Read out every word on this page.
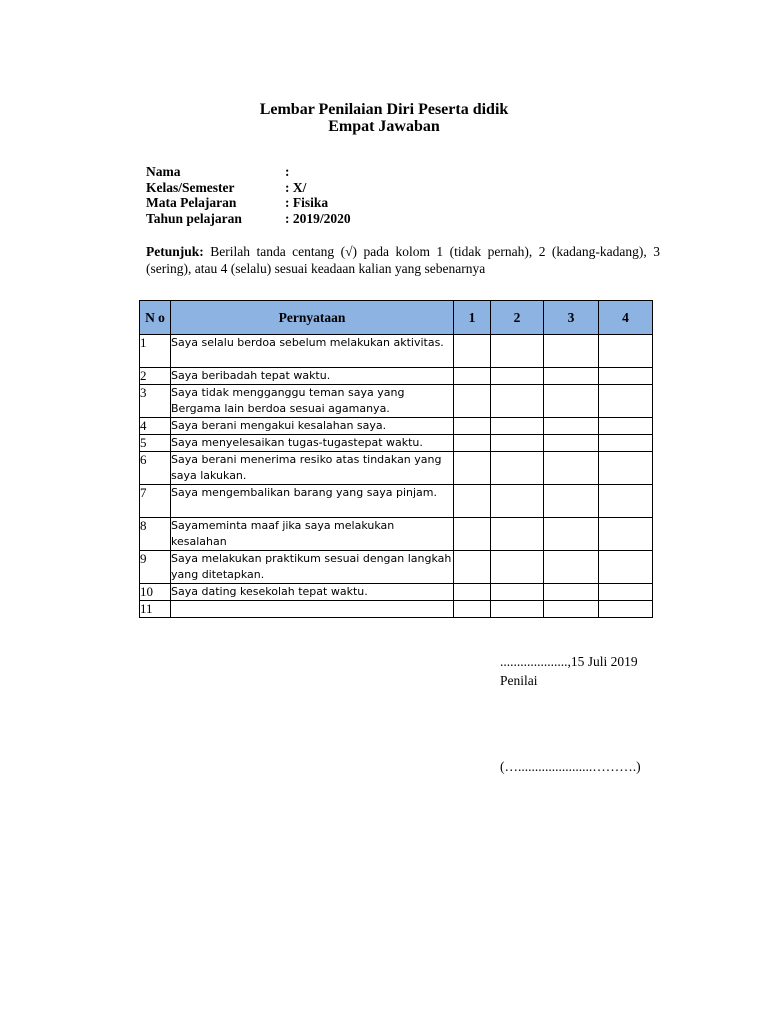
Lembar Penilaian Diri Peserta didik
Empat Jawaban
Nama	:
Kelas/Semester	: X/
Mata Pelajaran	: Fisika
Tahun pelajaran	: 2019/2020
Petunjuk: Berilah tanda centang (√) pada kolom 1 (tidak pernah), 2 (kadang-kadang), 3 (sering), atau 4 (selalu) sesuai keadaan kalian yang sebenarnya
N o	Pernyataan	1	2	3	4
1	Saya selalu berdoa sebelum melakukan aktivitas.				
2	Saya beribadah tepat waktu.				
3	Saya tidak mengganggu teman saya yang Bergama lain berdoa sesuai agamanya.				
4	Saya berani mengakui kesalahan saya.				
5	Saya menyelesaikan tugas-tugastepat waktu.				
6	Saya berani menerima resiko atas tindakan yang saya lakukan.				
7	Saya mengembalikan barang yang saya pinjam.				
8	Sayameminta maaf jika saya melakukan kesalahan				
9	Saya melakukan praktikum sesuai dengan langkah yang ditetapkan.				
10	Saya dating kesekolah tepat waktu.				
11					
....................,15 Juli 2019
Penilai
(…......................……….)
